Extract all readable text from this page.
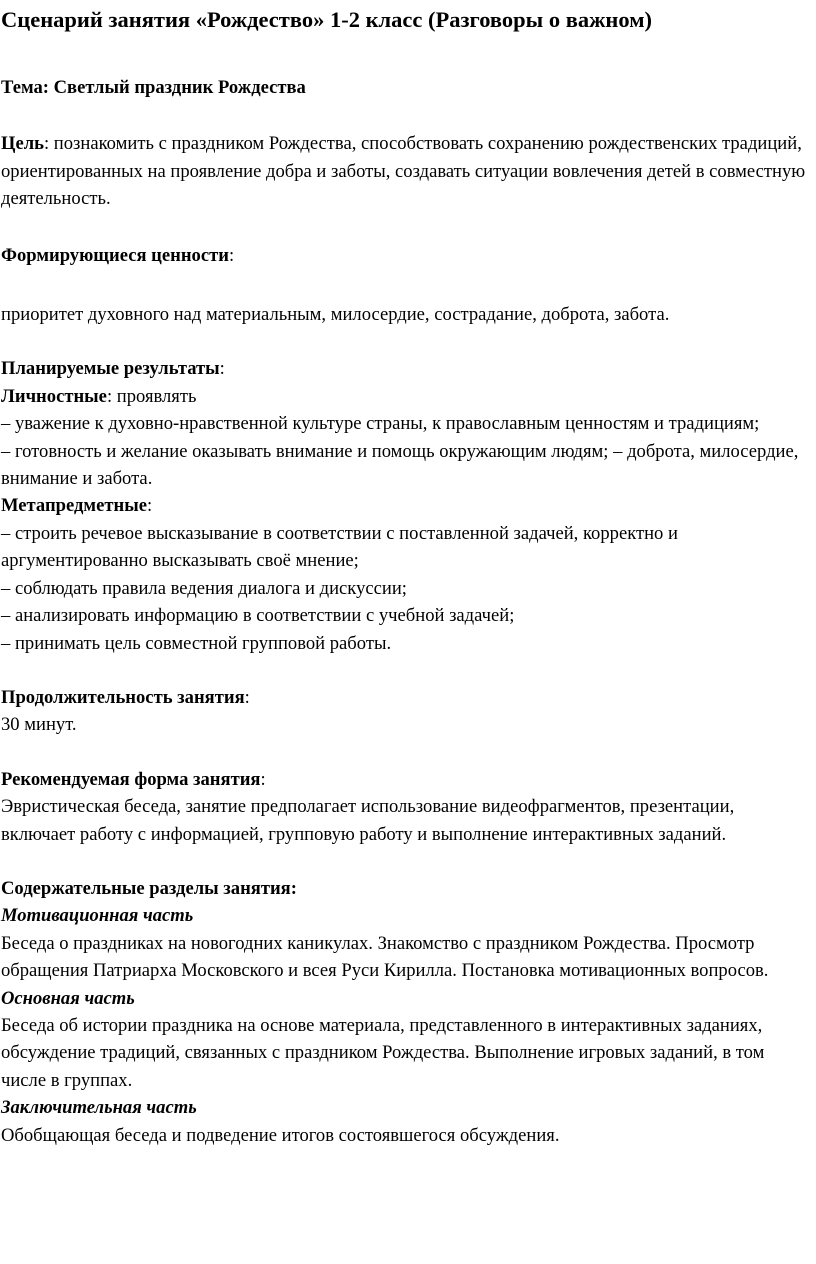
Сценарий занятия «Рождество» 1-2 класс (Разговоры о важном)

Тема: Светлый праздник Рождества

Цель: познакомить с праздником Рождества, способствовать сохранению рождественских традиций, ориентированных на проявление добра и заботы, создавать ситуации вовлечения детей в совместную деятельность.

Формирующиеся ценности:

приоритет духовного над материальным, милосердие, сострадание, доброта, забота.

Планируемые результаты:

Личностные: проявлять

– уважение к духовно-нравственной культуре страны, к православным ценностям и традициям;

– готовность и желание оказывать внимание и помощь окружающим людям; – доброта, милосердие, внимание и забота.

Метапредметные:

– строить речевое высказывание в соответствии с поставленной задачей, корректно и аргументированно высказывать своё мнение;

– соблюдать правила ведения диалога и дискуссии;

– анализировать информацию в соответствии с учебной задачей;

– принимать цель совместной групповой работы.

Продолжительность занятия:

30 минут.

Рекомендуемая форма занятия:

Эвристическая беседа, занятие предполагает использование видеофрагментов, презентации, включает работу с информацией, групповую работу и выполнение интерактивных заданий.

Содержательные разделы занятия:

Мотивационная часть

Беседа о праздниках на новогодних каникулах. Знакомство с праздником Рождества. Просмотр обращения Патриарха Московского и всея Руси Кирилла. Постановка мотивационных вопросов.

Основная часть

Беседа об истории праздника на основе материала, представленного в интерактивных заданиях, обсуждение традиций, связанных с праздником Рождества. Выполнение игровых заданий, в том числе в группах.

Заключительная часть

Обобщающая беседа и подведение итогов состоявшегося обсуждения.
